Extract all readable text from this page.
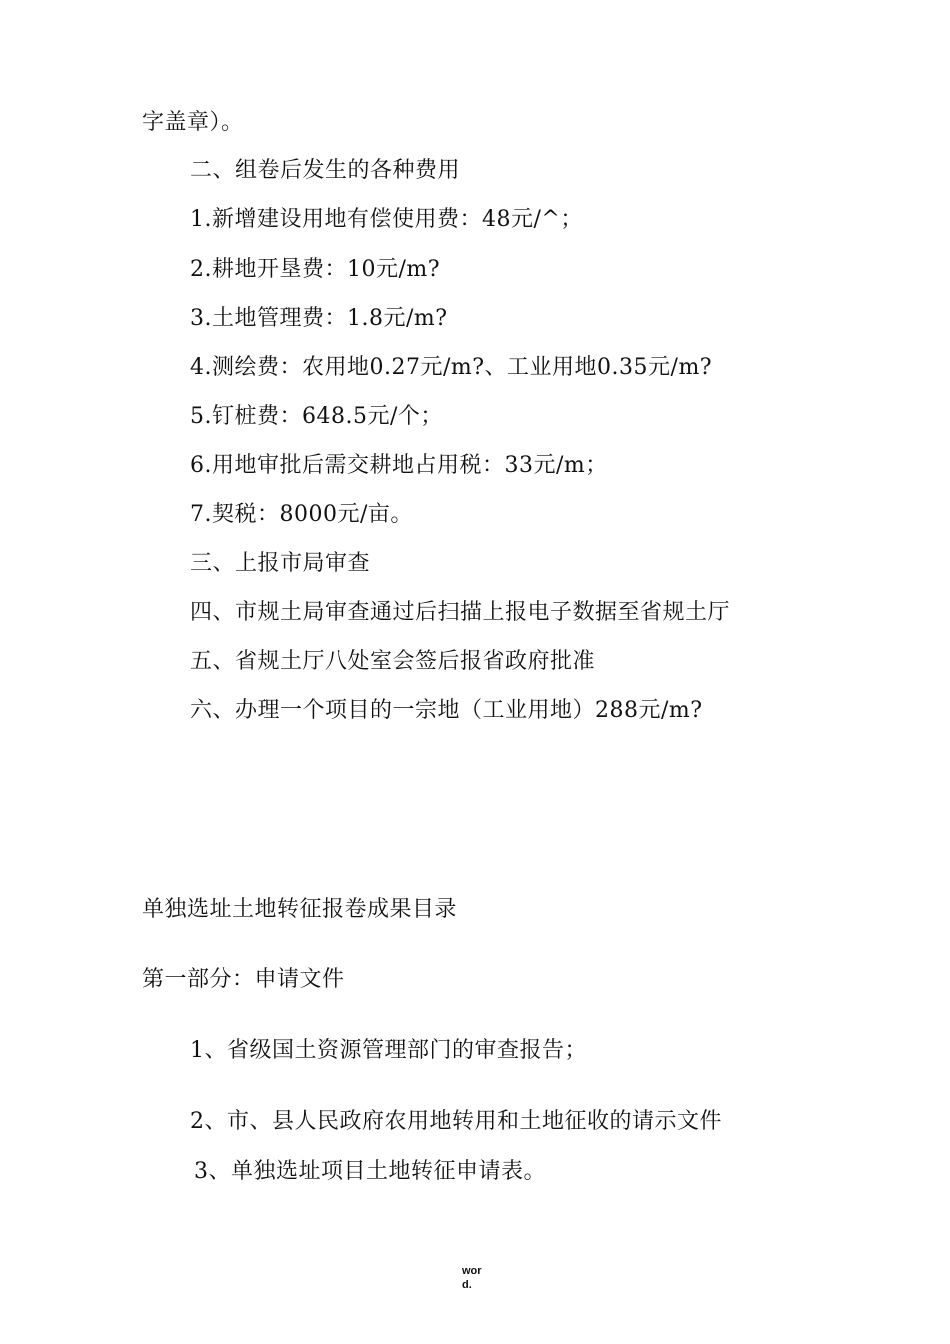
字盖章）。
二、组卷后发生的各种费用
1.新增建设用地有偿使用费：48元/^；
2.耕地开垦费：10元/m?
3.土地管理费：1.8元/m?
4.测绘费：农用地0.27元/m?、工业用地0.35元/m?
5.钉桩费：648.5元/个；
6.用地审批后需交耕地占用税：33元/m；
7.契税：8000元/亩。
三、上报市局审查
四、市规土局审查通过后扫描上报电子数据至省规土厅
五、省规土厅八处室会签后报省政府批准
六、办理一个项目的一宗地（工业用地）288元/m?
单独选址土地转征报卷成果目录
第一部分：申请文件
1、省级国土资源管理部门的审查报告；
2、市、县人民政府农用地转用和土地征收的请示文件
3、单独选址项目土地转征申请表。
wor
d.
